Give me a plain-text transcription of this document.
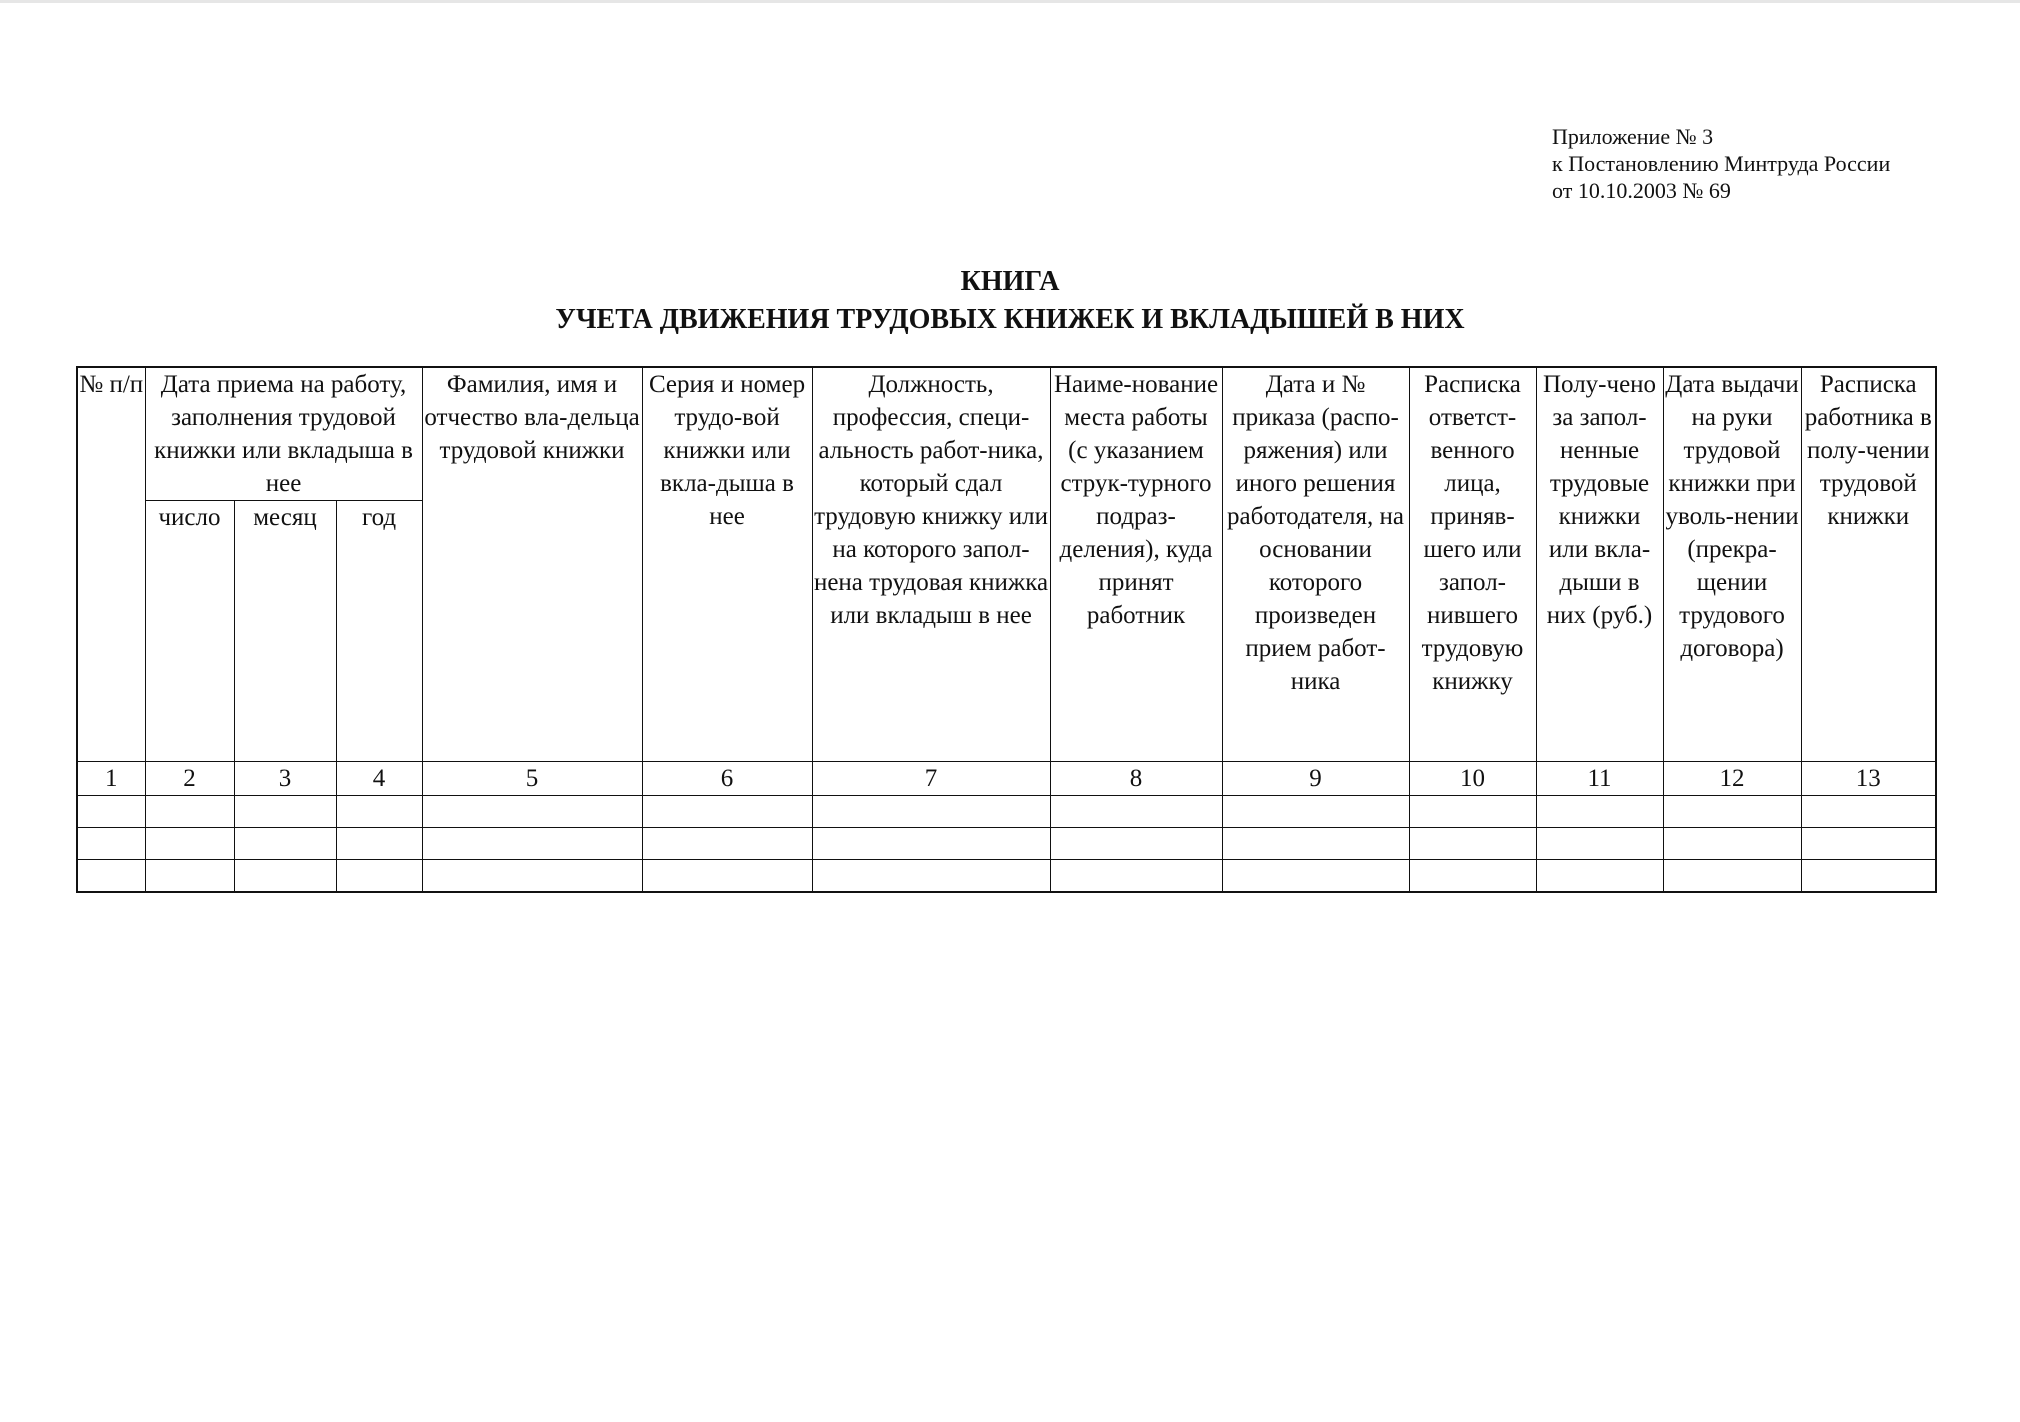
Приложение № 3
к Постановлению Минтруда России
от 10.10.2003 № 69
КНИГА
УЧЕТА ДВИЖЕНИЯ ТРУДОВЫХ КНИЖЕК И ВКЛАДЫШЕЙ В НИХ
№ п/п	Дата приема на работу, заполнения трудовой книжки или вкладыша в нее			Фамилия, имя и отчество вла-дельца трудовой книжки	Серия и номер трудо-вой книжки или вкла-дыша в нее	Должность, профессия, специ-альность работ-ника, который сдал трудовую книжку или на которого запол-нена трудовая книжка или вкладыш в нее	Наиме-нование места работы (с указанием струк-турного подраз-деления), куда принят работник	Дата и № приказа (распо-ряжения) или иного решения работодателя, на основании которого произведен прием работ-ника	Расписка ответст-венного лица, приняв-шего или запол-нившего трудовую книжку	Полу-чено за запол-ненные трудовые книжки или вкла-дыши в них (руб.)	Дата выдачи на руки трудовой книжки при уволь-нении (прекра-щении трудового договора)	Расписка работника в полу-чении трудовой книжки
	число	месяц	год									
1	2	3	4	5	6	7	8	9	10	11	12	13
